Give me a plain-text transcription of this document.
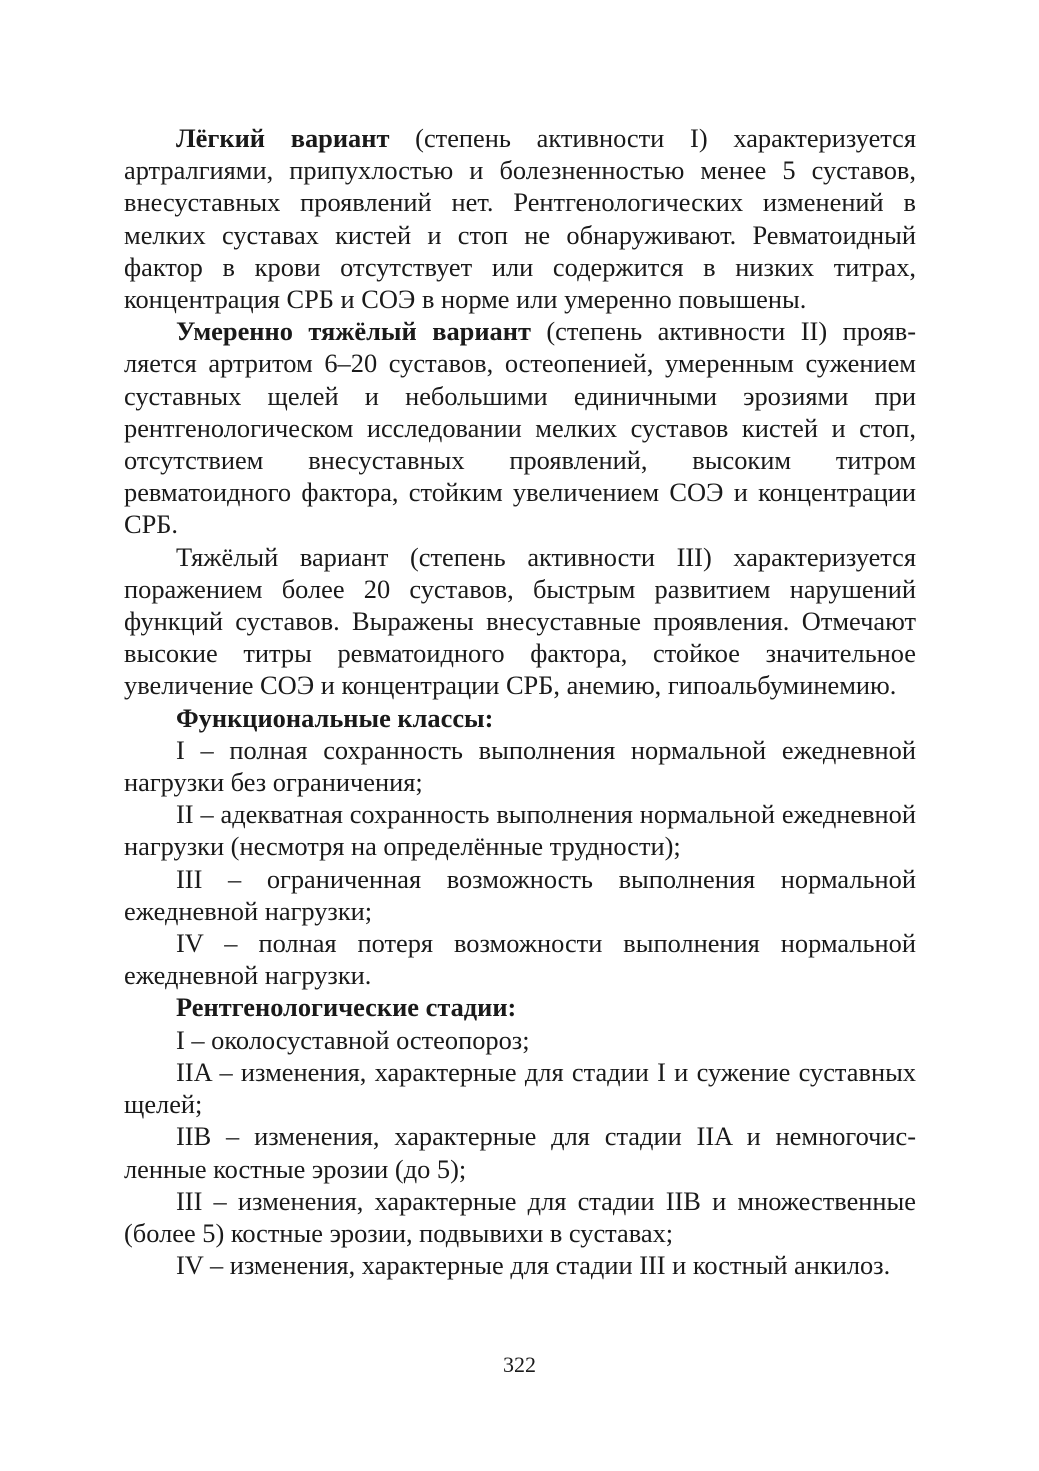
Лёгкий вариант (степень активности I) характеризуется артралгиями, припухлостью и болезненностью менее 5 суставов, внесуставных проявлений нет. Рентгенологических изменений в мелких суставах кистей и стоп не обнаруживают. Ревматоидный фактор в крови отсутствует или содержится в низких титрах, концентрация СРБ и СОЭ в норме или умеренно повышены.

Умеренно тяжёлый вариант (степень активности II) проявляется артритом 6–20 суставов, остеопенией, умеренным сужением суставных щелей и небольшими единичными эрозиями при рентгенологическом исследовании мелких суставов кистей и стоп, отсутствием внесуставных проявлений, высоким титром ревматоидного фактора, стойким увеличением СОЭ и концентрации СРБ.

Тяжёлый вариант (степень активности III) характеризуется поражением более 20 суставов, быстрым развитием нарушений функций суставов. Выражены внесуставные проявления. Отмечают высокие титры ревматоидного фактора, стойкое значительное увеличение СОЭ и концентрации СРБ, анемию, гипоальбуминемию.

Функциональные классы:

I – полная сохранность выполнения нормальной ежедневной нагрузки без ограничения;

II – адекватная сохранность выполнения нормальной ежедневной нагрузки (несмотря на определённые трудности);

III – ограниченная возможность выполнения нормальной ежедневной нагрузки;

IV – полная потеря возможности выполнения нормальной ежедневной нагрузки.

Рентгенологические стадии:

I – околосуставной остеопороз;

IIA – изменения, характерные для стадии I и сужение суставных щелей;

IIB – изменения, характерные для стадии IIA и немногочисленные костные эрозии (до 5);

III – изменения, характерные для стадии IIB и множественные (более 5) костные эрозии, подвывихи в суставах;

IV – изменения, характерные для стадии III и костный анкилоз.

322
